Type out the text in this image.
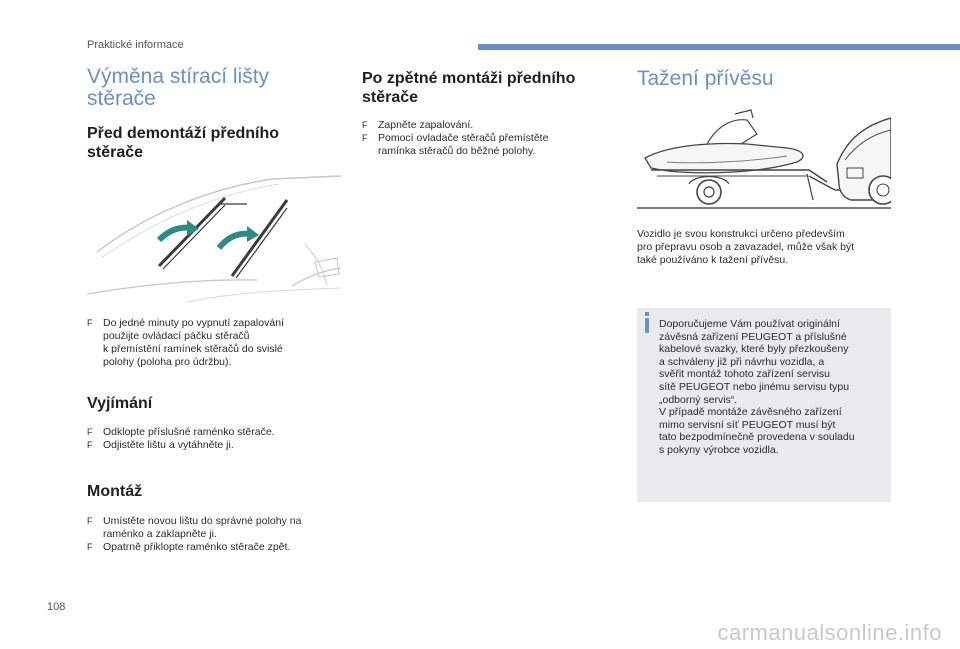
Praktické informace
Výměna stírací lišty
stěrače
Před demontáží předního
stěrače
F	Do jedné minuty po vypnutí zapalování
použijte ovládací páčku stěračů
k přemístění ramínek stěračů do svislé
polohy (poloha pro údržbu).
Vyjímání
F	Odklopte příslušné raménko stěrače.
F	Odjistěte lištu a vytáhněte ji.
Montáž
F	Umístěte novou lištu do správné polohy na
raménko a zaklapněte ji.
F	Opatrně přiklopte raménko stěrače zpět.
Po zpětné montáži předního
stěrače
F	Zapněte zapalování.
F	Pomocí ovladače stěračů přemístěte
ramínka stěračů do běžné polohy.
Tažení přívěsu
Vozidlo je svou konstrukcí určeno především
pro přepravu osob a zavazadel, může však být
také používáno k tažení přívěsu.
Doporučujeme Vám používat originální
závěsná zařízení PEUGEOT a příslušné
kabelové svazky, které byly přezkoušeny
a schváleny již při návrhu vozidla, a
svěřit montáž tohoto zařízení servisu
sítě PEUGEOT nebo jinému servisu typu
„odborný servis“.
V případě montáže závěsného zařízení
mimo servisní síť PEUGEOT musí být
tato bezpodmínečně provedena v souladu
s pokyny výrobce vozidla.
108
carmanualsonline.info
